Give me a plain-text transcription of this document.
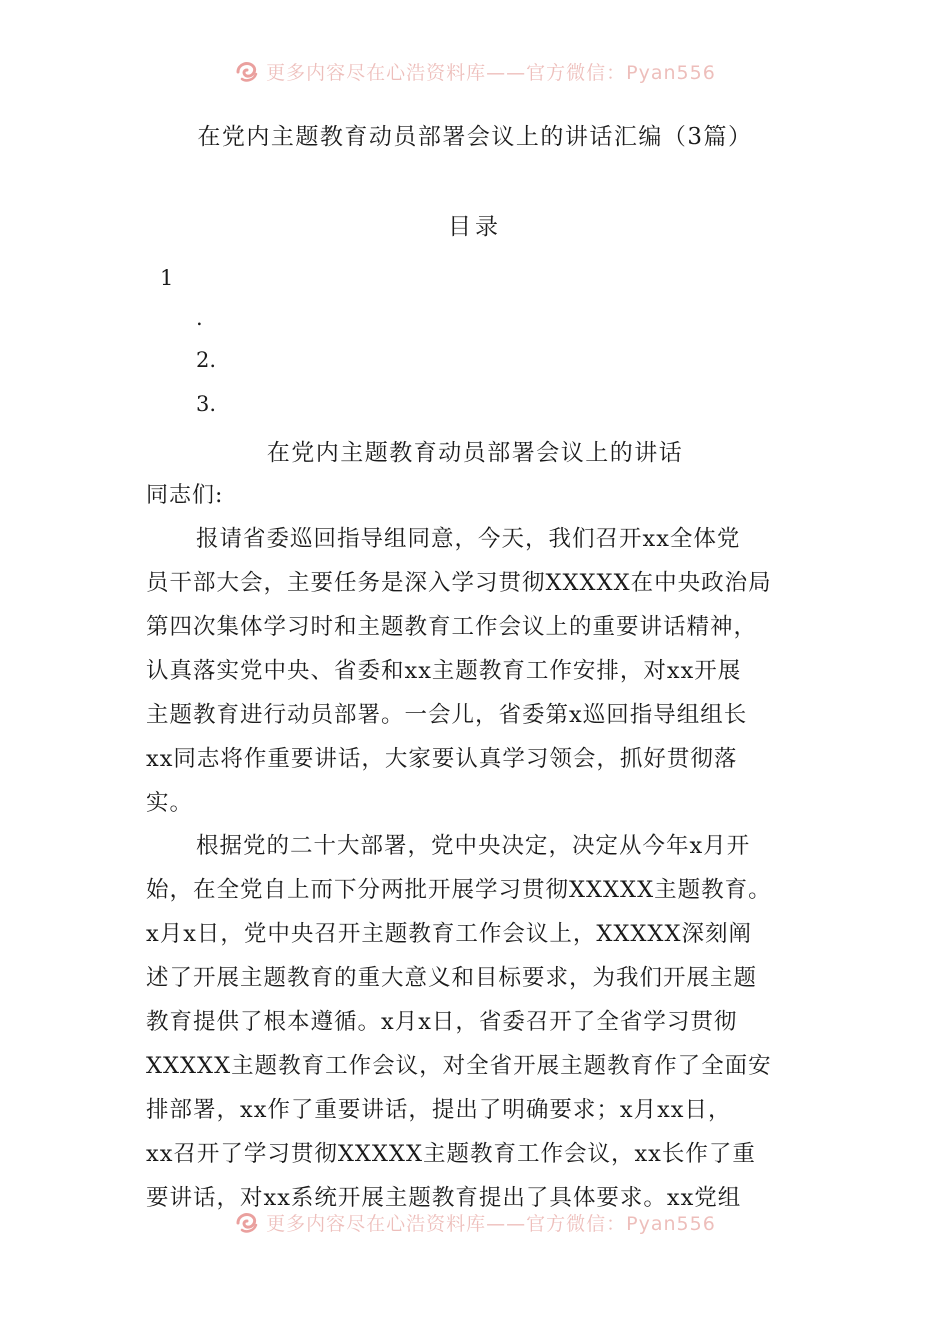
更多内容尽在心浩资料库——官方微信：Pyan556
在党内主题教育动员部署会议上的讲话汇编（3篇）
目录
1
.
2.
3.
在党内主题教育动员部署会议上的讲话
同志们:
报请省委巡回指导组同意，今天，我们召开xx全体党
员干部大会，主要任务是深入学习贯彻XXXXX在中央政治局
第四次集体学习时和主题教育工作会议上的重要讲话精神，
认真落实党中央、省委和xx主题教育工作安排，对xx开展
主题教育进行动员部署。一会儿，省委第x巡回指导组组长
xx同志将作重要讲话，大家要认真学习领会，抓好贯彻落
实。
根据党的二十大部署，党中央决定，决定从今年x月开
始，在全党自上而下分两批开展学习贯彻XXXXX主题教育。
x月x日，党中央召开主题教育工作会议上，XXXXX深刻阐
述了开展主题教育的重大意义和目标要求，为我们开展主题
教育提供了根本遵循。x月x日，省委召开了全省学习贯彻
XXXXX主题教育工作会议，对全省开展主题教育作了全面安
排部署，xx作了重要讲话，提出了明确要求；x月xx日，
xx召开了学习贯彻XXXXX主题教育工作会议，xx长作了重
要讲话，对xx系统开展主题教育提出了具体要求。xx党组
更多内容尽在心浩资料库——官方微信：Pyan556
